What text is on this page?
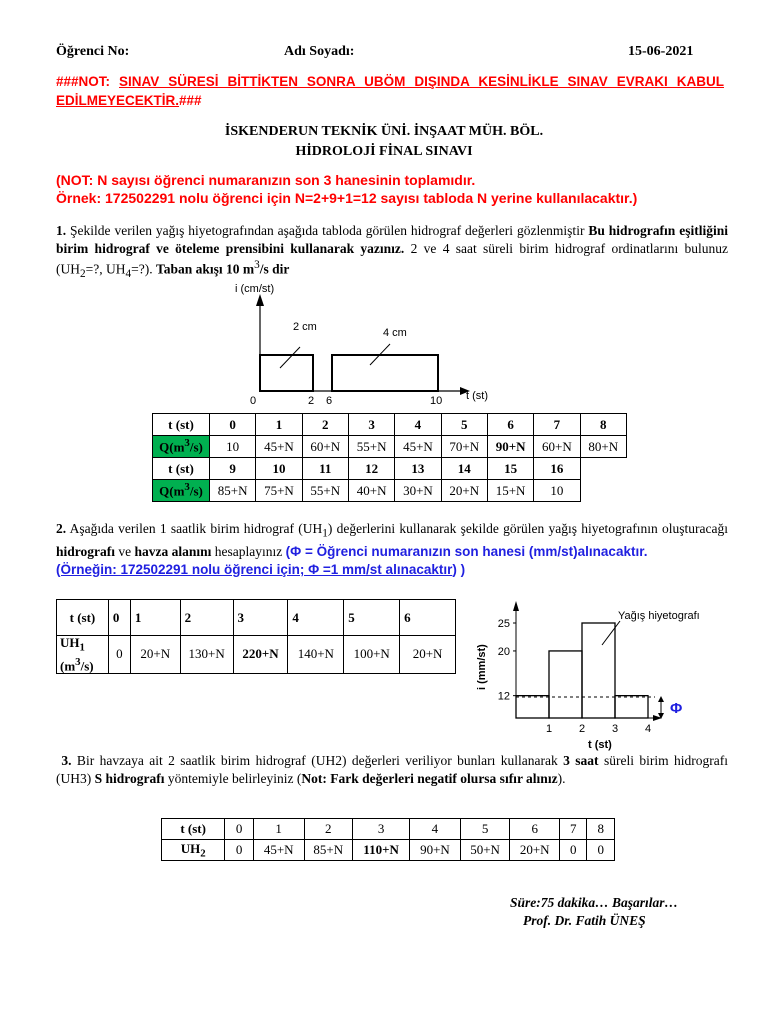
Öğrenci No:	Adı Soyadı:	15-06-2021
###NOT: SINAV SÜRESİ BİTTİKTEN SONRA UBÖM DIŞINDA KESİNLİKLE SINAV EVRAKI KABUL EDİLMEYECEKTİR.###
İSKENDERUN TEKNİK ÜNİ. İNŞAAT MÜH. BÖL.
HİDROLOJİ FİNAL SINAVI
(NOT: N sayısı öğrenci numaranızın son 3 hanesinin toplamıdır.
Örnek: 172502291 nolu öğrenci için N=2+9+1=12 sayısı tabloda N yerine kullanılacaktır.)
1. Şekilde verilen yağış hiyetografından aşağıda tabloda görülen hidrograf değerleri gözlenmiştir Bu hidrografın eşitliğini birim hidrograf ve öteleme prensibini kullanarak yazınız. 2 ve 4 saat süreli birim hidrograf ordinatlarını bulunuz ($UH_2=$?, $UH_4=$?). Taban akışı 10 $m^3/s$ dir
i (cm/st)
2 cm	4 cm
t (st)
0	2 6	10
t (st)	0	1	2	3	4	5	6	7	8
$Q(m^3/s)$	10	45+N	60+N	55+N	45+N	70+N	90+N	60+N	80+N
t (st)	9	10	11	12	13	14	15	16	
$Q(m^3/s)$	85+N	75+N	55+N	40+N	30+N	20+N	15+N	10	
2. Aşağıda verilen 1 saatlik birim hidrograf $(UH_1)$ değerlerini kullanarak şekilde görülen yağış hiyetografının oluşturacağı hidrografı ve havza alanını hesaplayınız (Φ = Öğrenci numaranızın son hanesi (mm/st)alınacaktır.
(Örneğin: 172502291 nolu öğrenci için; Φ =1 mm/st alınacaktır) )
t (st)	0	1	2	3	4	5	6
$UH_1$
$(m^3/s)$	0	20+N	130+N	220+N	140+N	100+N	20+N
Φ
Yağış hiyetografı
i (mm/st)
t (st)
25
20
12
1 2 3 4
3. Bir havzaya ait 2 saatlik birim hidrograf (UH2) değerleri veriliyor bunları kullanarak 3 saat süreli birim hidrografı (UH3) S hidrografı yöntemiyle belirleyiniz (Not: Fark değerleri negatif olursa sıfır alınız).
t (st)	0	1	2	3	4	5	6	7	8
$UH_2$	0	45+N	85+N	110+N	90+N	50+N	20+N	0	0
Süre:75 dakika… Başarılar…
Prof. Dr. Fatih ÜNEŞ
